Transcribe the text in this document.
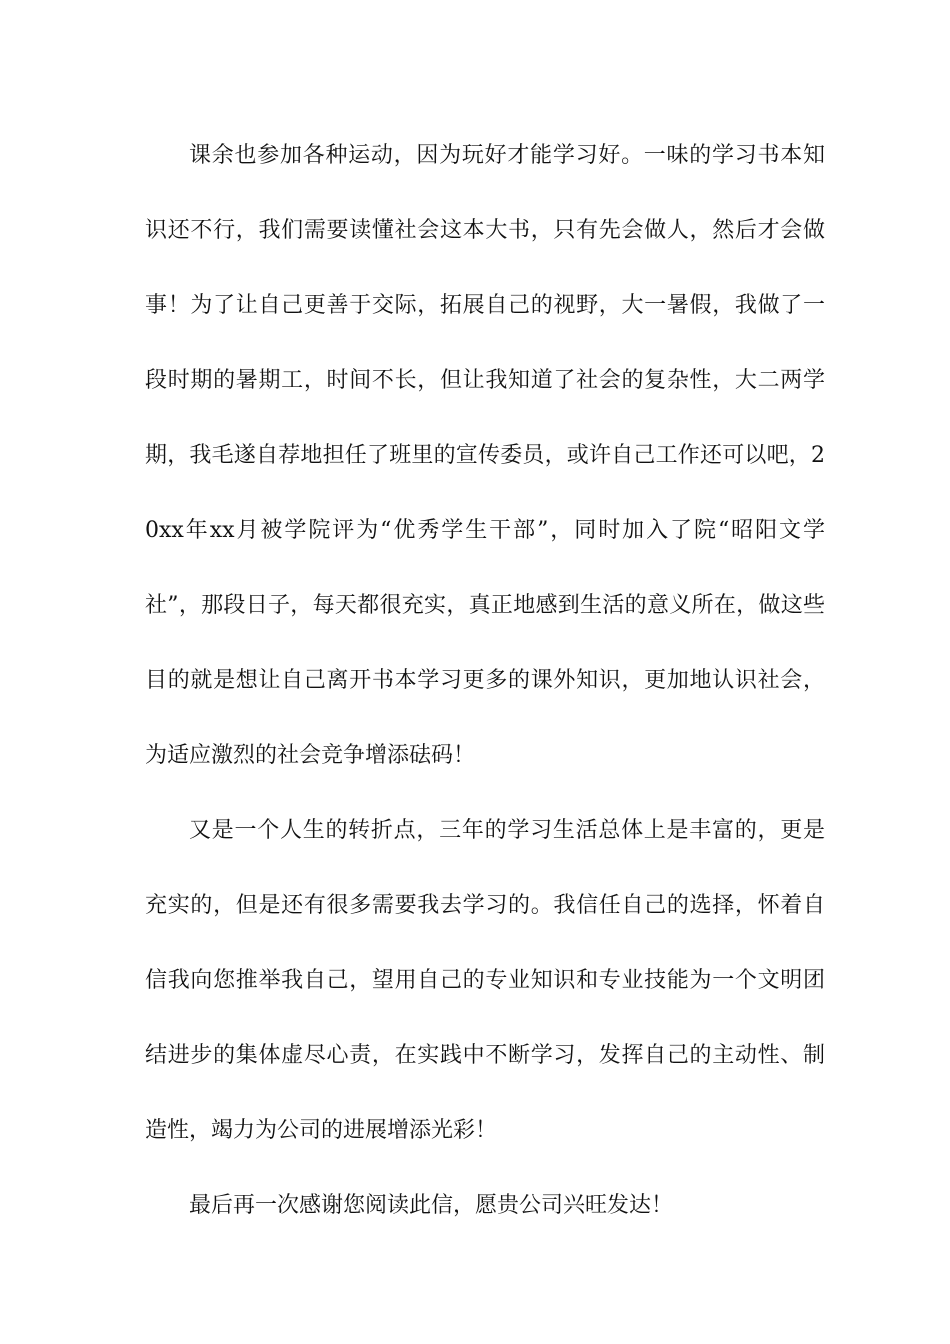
课余也参加各种运动，因为玩好才能学习好。一味的学习书本知识还不行，我们需要读懂社会这本大书，只有先会做人，然后才会做事！为了让自己更善于交际，拓展自己的视野，大一暑假，我做了一段时期的暑期工，时间不长，但让我知道了社会的复杂性，大二两学期，我毛遂自荐地担任了班里的宣传委员，或许自己工作还可以吧，20xx年xx月被学院评为“优秀学生干部”，同时加入了院“昭阳文学社”，那段日子，每天都很充实，真正地感到生活的意义所在，做这些目的就是想让自己离开书本学习更多的课外知识，更加地认识社会，为适应激烈的社会竞争增添砝码！

又是一个人生的转折点，三年的学习生活总体上是丰富的，更是充实的，但是还有很多需要我去学习的。我信任自己的选择，怀着自信我向您推举我自己，望用自己的专业知识和专业技能为一个文明团结进步的集体虚尽心责，在实践中不断学习，发挥自己的主动性、制造性，竭力为公司的进展增添光彩！

最后再一次感谢您阅读此信，愿贵公司兴旺发达！
